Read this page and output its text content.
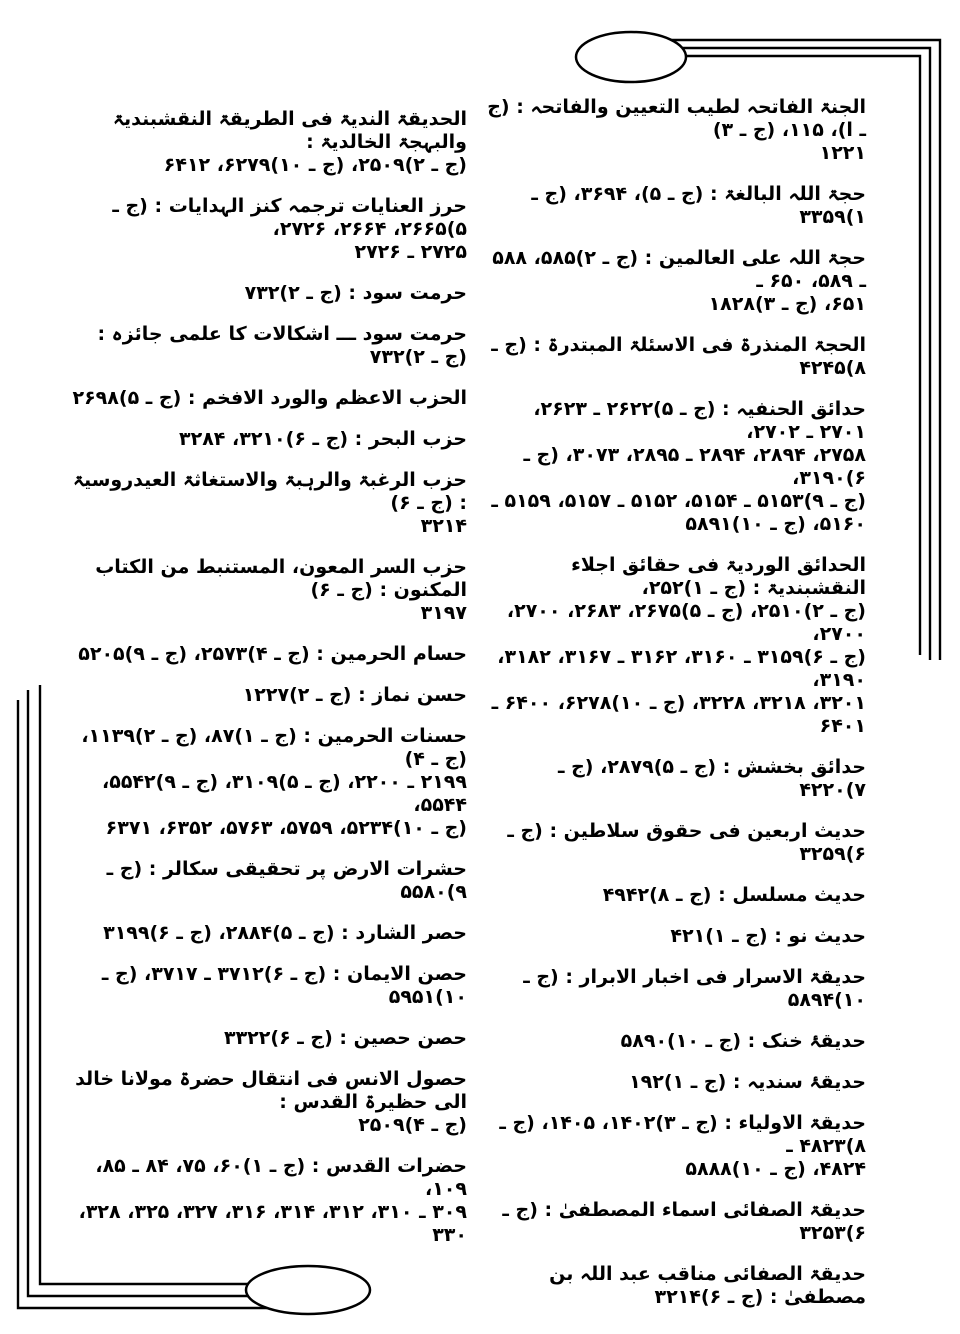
الجنۃ الفاتحہ لطیب التعیین والفاتحہ : (ج ـ ا)، ۱۱۵، (ج ـ ۳)
۱۲۲۱
حجۃ اللہ البالغۃ : (ج ـ ۵)، ۳۶۹۴، (ج ـ ۱)۳۳۵۹
حجۃ اللہ علی العالمین : (ج ـ ۲)۵۸۵، ۵۸۸ ـ ۵۸۹، ۶۵۰ ـ
۶۵۱، (ج ـ ۳)۱۸۲۸
الحجۃ المنذرۃ فی الاسئلۃ المبتدرۃ : (ج ـ ۸)۴۲۴۵
حدائق الحنفیہ : (ج ـ ۵)۲۶۲۲ ـ ۲۶۲۳، ۲۷۰۱ ـ ۲۷۰۲،
۲۷۵۸، ۲۸۹۴، ۲۸۹۴ ـ ۲۸۹۵، ۳۰۷۳، (ج ـ ۶)۳۱۹۰،
(ج ـ ۹)۵۱۵۳ ـ ۵۱۵۴، ۵۱۵۲ ـ ۵۱۵۷، ۵۱۵۹ ـ
۵۱۶۰، (ج ـ ۱۰)۵۸۹۱
الحدائق الوردیۃ فی حقائق اجلاء النقشبندیۃ : (ج ـ ۱)۲۵۲،
(ج ـ ۲)۲۵۱۰، (ج ـ ۵)۲۶۷۵، ۲۶۸۳، ۲۷۰۰، ۲۷۰۰،
(ج ـ ۶)۳۱۵۹ ـ ۳۱۶۰، ۳۱۶۲ ـ ۳۱۶۷، ۳۱۸۲، ۳۱۹۰،
۳۲۰۱، ۳۲۱۸، ۳۲۲۸، (ج ـ ۱۰)۶۲۷۸، ۶۴۰۰ ـ ۶۴۰۱
حدائق بخشش : (ج ـ ۵)۲۸۷۹، (ج ـ ۷)۴۲۲۰
حدیث اربعین فی حقوق سلاطین : (ج ـ ۶)۳۲۵۹
حدیث مسلسل : (ج ـ ۸)۴۹۴۲
حدیث نو : (ج ـ ۱)۴۲۱
حدیقۃ الاسرار فی اخبار الابرار : (ج ـ ۱۰)۵۸۹۴
حدیقۂ خنک : (ج ـ ۱۰)۵۸۹۰
حدیقۂ سندیہ : (ج ـ ۱)۱۹۲
حدیقۃ الاولیاء : (ج ـ ۳)۱۴۰۲، ۱۴۰۵، (ج ـ ۸)۴۸۲۳ ـ
۴۸۲۴، (ج ـ ۱۰)۵۸۸۸
حدیقۃ الصفائی اسماء المصطفیٰ : (ج ـ ۶)۳۲۵۳
حدیقۃ الصفائی مناقب عبد اللہ بن مصطفیٰ : (ج ـ ۶)۳۲۱۴
الحدیقۃ الندیۃ فی الطریقۃ النقشبندیۃ والبہجۃ الخالدیۃ :
(ج ـ ۲)۲۵۰۹، (ج ـ ۱۰)۶۲۷۹، ۶۴۱۲
حرز العنایات ترجمہ کنز الہدایات : (ج ـ ۵)۲۶۶۵، ۲۶۶۴، ۲۷۲۶،
۲۷۲۵ ـ ۲۷۲۶
حرمت سود : (ج ـ ۲)۷۳۲
حرمت سود ـــ اشکالات کا علمی جائزہ : (ج ـ ۲)۷۳۲
الحزب الاعظم والورد الافخم : (ج ـ ۵)۲۶۹۸
حزب البحر : (ج ـ ۶)۳۲۱۰، ۳۲۸۴
حزب الرغبۃ والرہبۃ والاستغاثۃ العیدروسیۃ : (ج ـ ۶)
۳۲۱۴
حزب السر المعون، المستنبط من الکتاب المکنون : (ج ـ ۶)
۳۱۹۷
حسام الحرمین : (ج ـ ۴)۲۵۷۳، (ج ـ ۹)۵۲۰۵
حسن نماز : (ج ـ ۲)۱۲۲۷
حسنات الحرمین : (ج ـ ۱)۸۷، (ج ـ ۲)۱۱۳۹، (ج ـ ۴)
۲۱۹۹ ـ ۲۲۰۰، (ج ـ ۵)۳۱۰۹، (ج ـ ۹)۵۵۴۲، ۵۵۴۴،
(ج ـ ۱۰)۵۲۳۴، ۵۷۵۹، ۵۷۶۳، ۶۳۵۲، ۶۳۷۱
حشرات الارض پر تحقیقی سکالر : (ج ـ ۹)۵۵۸۰
حصر الشارد : (ج ـ ۵)۲۸۸۴، (ج ـ ۶)۳۱۹۹
حصن الایمان : (ج ـ ۶)۳۷۱۲ ـ ۳۷۱۷، (ج ـ ۱۰)۵۹۵۱
حصن حصین : (ج ـ ۶)۳۳۲۲
حصول الانس فی انتقال حضرۃ مولانا خالد الی حظیرۃ القدس :
(ج ـ ۴)۲۵۰۹
حضرات القدس : (ج ـ ۱)۶۰، ۷۵، ۸۴ ـ ۸۵، ۱۰۹،
۳۰۹ ـ ۳۱۰، ۳۱۲، ۳۱۴، ۳۱۶، ۳۲۷، ۳۲۵، ۳۲۸، ۳۳۰
